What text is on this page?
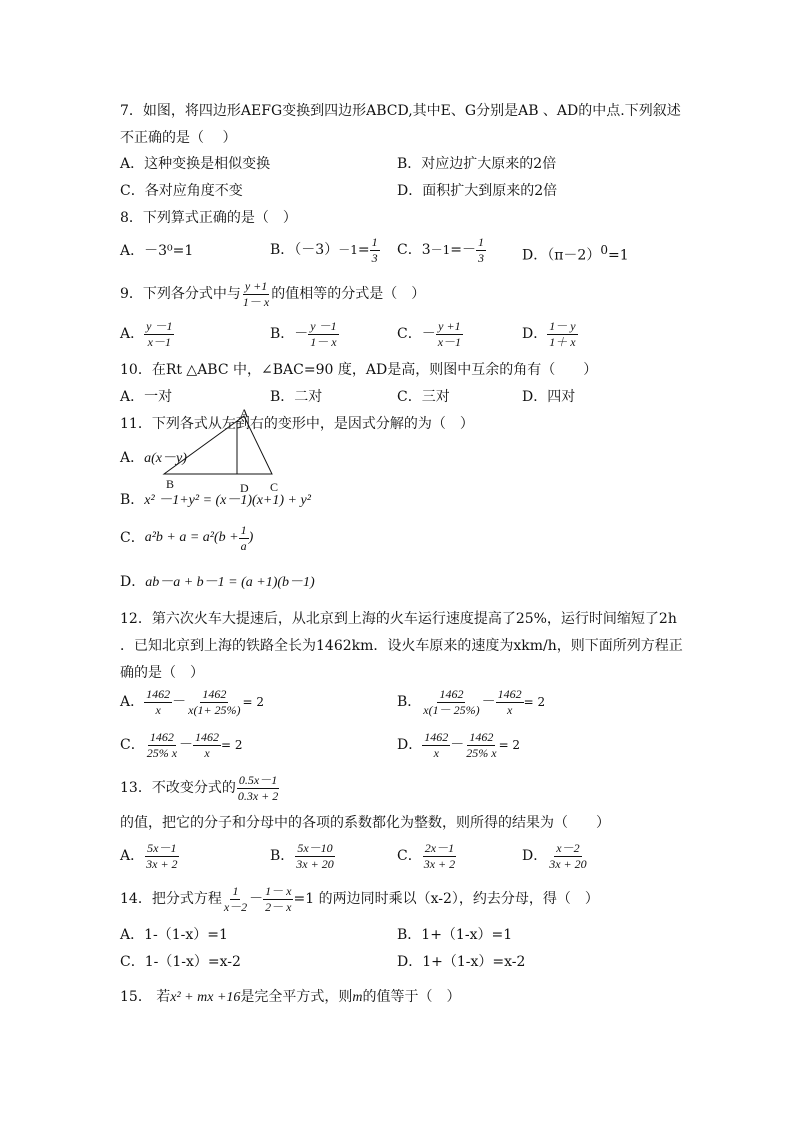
7．如图，将四边形AEFG变换到四边形ABCD,其中E、G分别是AB 、AD的中点.下列叙述
不正确的是（　 ）
A．这种变换是相似变换	B．对应边扩大原来的2倍
C．各对应角度不变	D．面积扩大到原来的2倍
8．下列算式正确的是（　）
A．－3⁰=1	B．$(-3) -1 = \frac{1}{3}$ C．$3 -1 =- \frac{1}{3}$	D．$(\pi-2)^0=1$
9．下列各分式中与 $\frac{y +1}{1- x}$ 的值相等的分式是（　）
A． $\frac{y -1}{x-1}$	B． － $\frac{y -1}{1- x}$	C． － $\frac{y +1}{x-1}$	D． $\frac{1- y}{1+ x}$
10．在Rt △ABC 中，∠BAC=90 度，AD是高，则图中互余的角有（　　）
A．一对	B．二对	C．三对	D．四对
11．下列各式从左到右的变形中，是因式分解的为（　）
A．a(x－y)
A
B	D C
B．x² －1+y² = (x－1)(x+1) + y²
C． $a^2b + a = a^2(b + \frac{1}{a}$ )
D．ab－a + b－1 = (a +1)(b－1)
12．第六次火车大提速后，从北京到上海的火车运行速度提高了25%，运行时间缩短了2h
．已知北京到上海的铁路全长为1462km．设火车原来的速度为xkm/h，则下面所列方程正
确的是（　）
A． $\frac{1462}{x} - \frac{1462}{x(1+ 25\%)} = 2$	B． $\frac{1462}{x(1- 25\%)} - \frac{1462}{x} = 2$
C． $\frac{1462}{25\% x} - \frac{1462}{x} = 2$	D． $\frac{1462}{x} - \frac{1462}{25\% x} = 2$
13．不改变分式的 $\frac{0.5x-1}{0.3x + 2}$
的值，把它的分子和分母中的各项的系数都化为整数，则所得的结果为（　　）
A． $\frac{5x-1}{3x + 2}$	B． $\frac{5x-10}{3x + 20}$	C． $\frac{2x-1}{3x + 2}$	D． $\frac{x-2}{3x + 20}$
14．把分式方程 $\frac{1}{x-2} - \frac{1- x}{2- x} =1$ 的两边同时乘以（x-2），约去分母，得（　）
A．1-（1-x）=1	B．1+（1-x）=1
C．1-（1-x）=x-2	D．1+（1-x）=x-2
15． 若x² + mx +16是完全平方式，则m的值等于（　）
